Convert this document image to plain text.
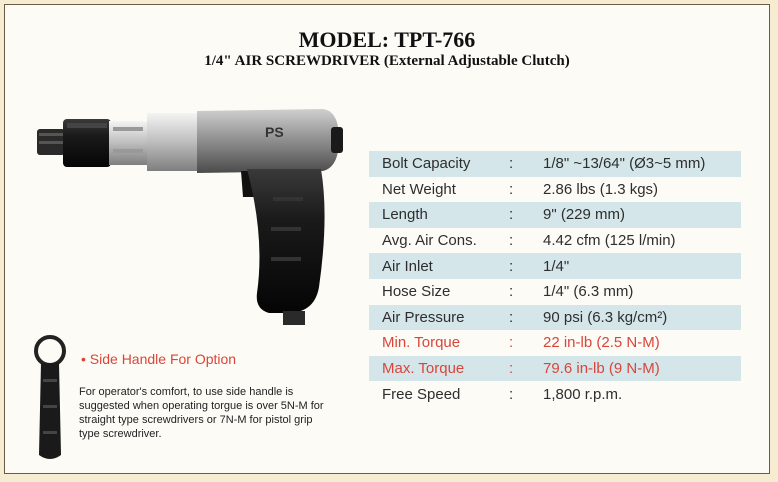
MODEL: TPT-766
1/4" AIR SCREWDRIVER (External Adjustable Clutch)
PS
Bolt Capacity	:	1/8" ~13/64" (Ø3~5 mm)
Net Weight	:	2.86 lbs (1.3 kgs)
Length	:	9" (229 mm)
Avg. Air Cons.	:	4.42 cfm (125 l/min)
Air Inlet	:	1/4"
Hose Size	:	1/4" (6.3 mm)
Air Pressure	:	90 psi (6.3 kg/cm²)
Min. Torque	:	22 in-lb (2.5 N-M)
Max. Torque	:	79.6 in-lb (9 N-M)
Free Speed	:	1,800 r.p.m.
• Side Handle For Option
For operator's comfort, to use side handle is suggested when operating torgue is over 5N-M for straight type screwdrivers or 7N-M for pistol grip type screwdriver.
